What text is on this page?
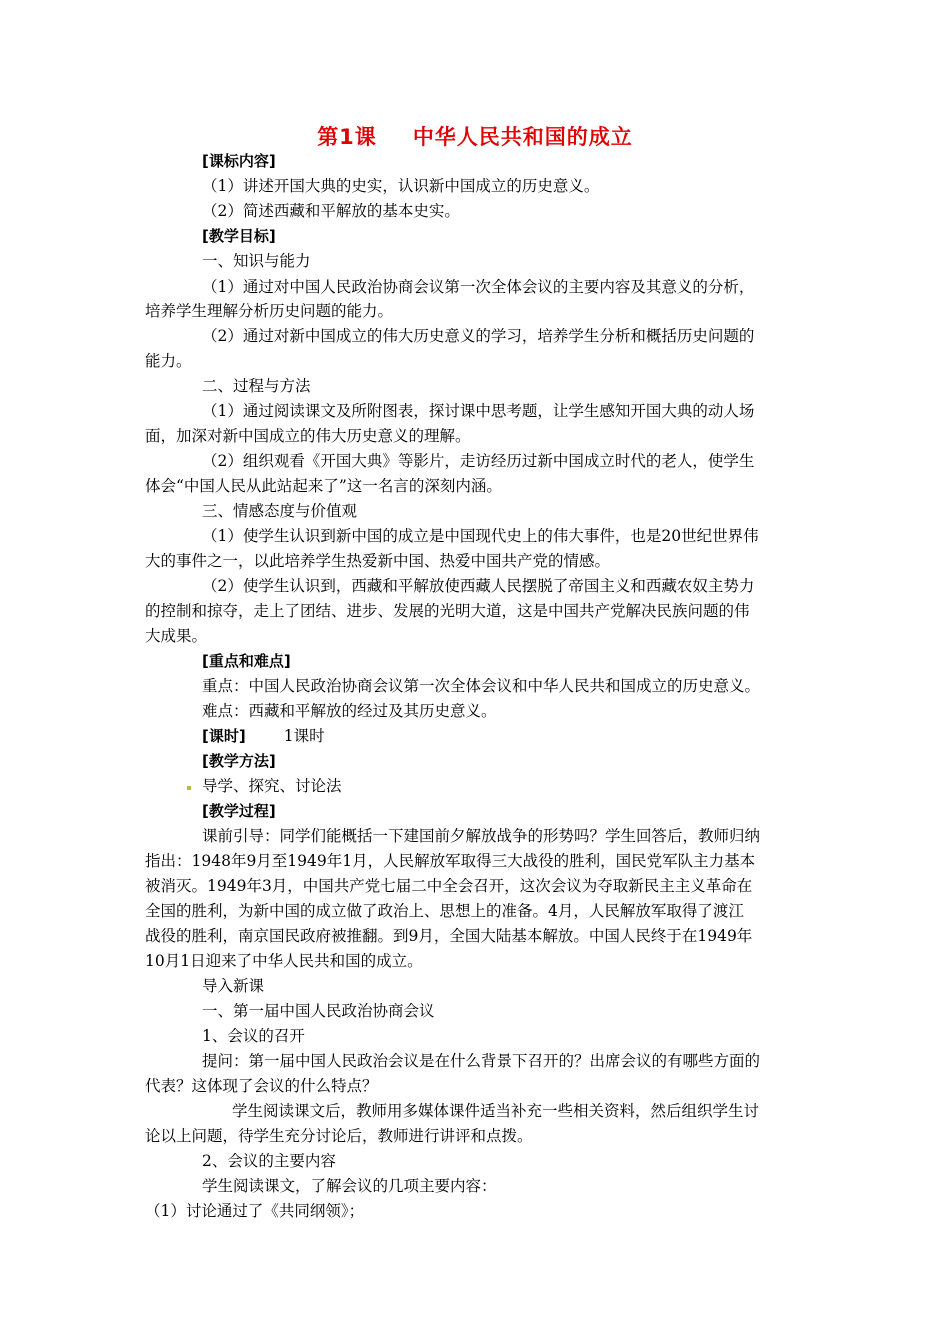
第1课 中华人民共和国的成立
[课标内容]
（1）讲述开国大典的史实，认识新中国成立的历史意义。
（2）简述西藏和平解放的基本史实。
[教学目标]
一、知识与能力
（1）通过对中国人民政治协商会议第一次全体会议的主要内容及其意义的分析，
培养学生理解分析历史问题的能力。
（2）通过对新中国成立的伟大历史意义的学习，培养学生分析和概括历史问题的
能力。
二、过程与方法
（1）通过阅读课文及所附图表，探讨课中思考题，让学生感知开国大典的动人场
面，加深对新中国成立的伟大历史意义的理解。
（2）组织观看《开国大典》等影片，走访经历过新中国成立时代的老人，使学生
体会“中国人民从此站起来了”这一名言的深刻内涵。
三、情感态度与价值观
（1）使学生认识到新中国的成立是中国现代史上的伟大事件，也是20世纪世界伟
大的事件之一，以此培养学生热爱新中国、热爱中国共产党的情感。
（2）使学生认识到，西藏和平解放使西藏人民摆脱了帝国主义和西藏农奴主势力
的控制和掠夺，走上了团结、进步、发展的光明大道，这是中国共产党解决民族问题的伟
大成果。
[重点和难点]
重点：中国人民政治协商会议第一次全体会议和中华人民共和国成立的历史意义。
难点：西藏和平解放的经过及其历史意义。
[课时] 1课时
[教学方法]
导学、探究、讨论法
[教学过程]
课前引导：同学们能概括一下建国前夕解放战争的形势吗？学生回答后，教师归纳
指出：1948年9月至1949年1月，人民解放军取得三大战役的胜利，国民党军队主力基本
被消灭。1949年3月，中国共产党七届二中全会召开，这次会议为夺取新民主主义革命在
全国的胜利，为新中国的成立做了政治上、思想上的准备。4月，人民解放军取得了渡江
战役的胜利，南京国民政府被推翻。到9月，全国大陆基本解放。中国人民终于在1949年
10月1日迎来了中华人民共和国的成立。
导入新课
一、第一届中国人民政治协商会议
1、会议的召开
提问：第一届中国人民政治会议是在什么背景下召开的？出席会议的有哪些方面的
代表？这体现了会议的什么特点？
学生阅读课文后，教师用多媒体课件适当补充一些相关资料，然后组织学生讨
论以上问题，待学生充分讨论后，教师进行讲评和点拨。
2、会议的主要内容
学生阅读课文，了解会议的几项主要内容：
（1）讨论通过了《共同纲领》；
